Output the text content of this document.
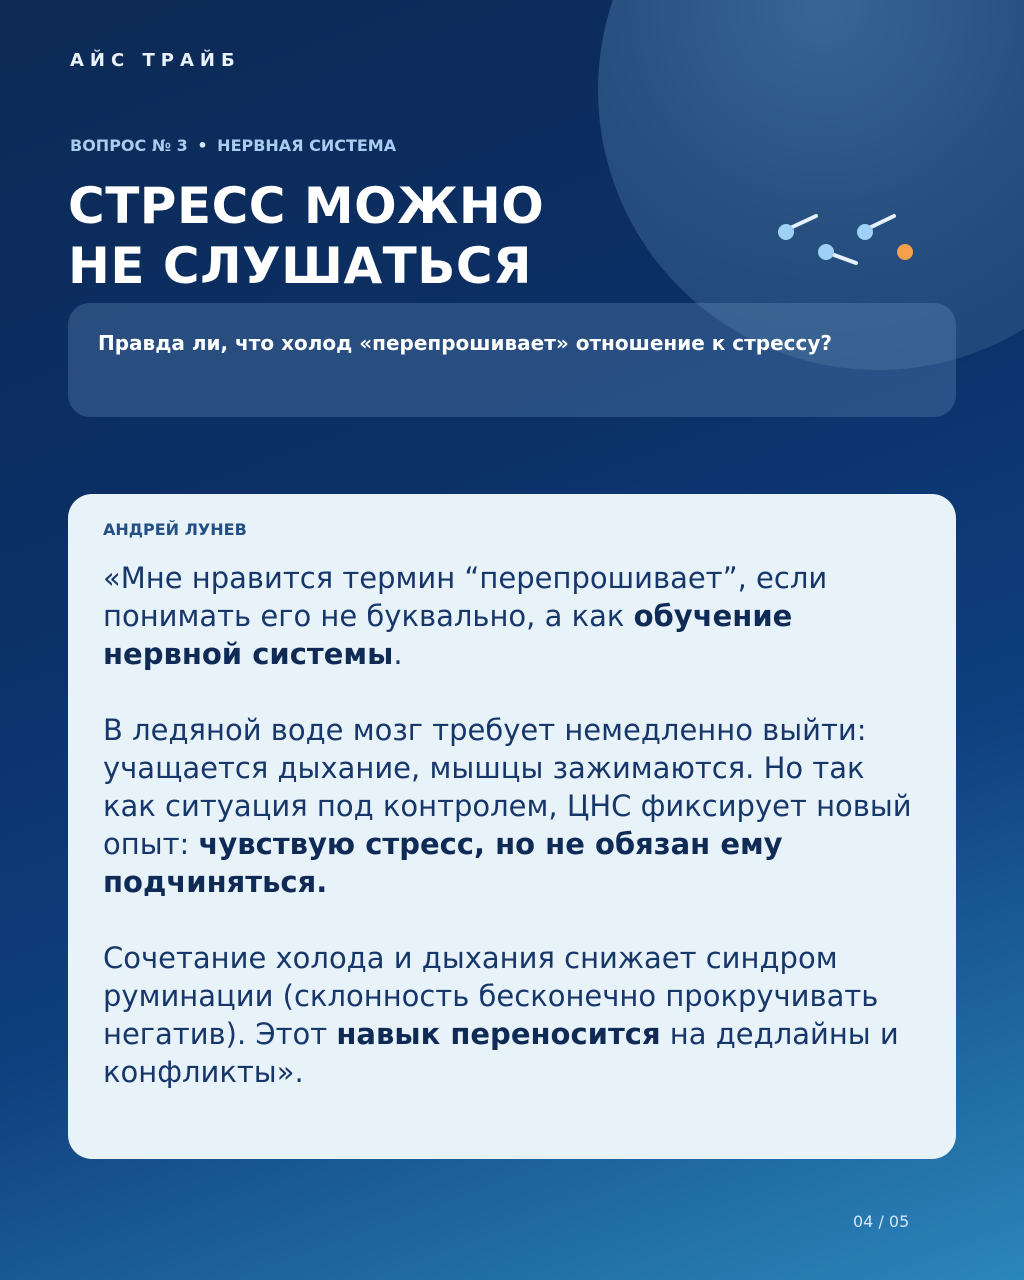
АЙС ТРАЙБ
ВОПРОС № 3 • НЕРВНАЯ СИСТЕМА
СТРЕСС МОЖНО
НЕ СЛУШАТЬСЯ
Правда ли, что холод «перепрошивает» отношение к стрессу?
АНДРЕЙ ЛУНЕВ

«Мне нравится термин “перепрошивает”, если понимать его не буквально, а как обучение нервной системы.

В ледяной воде мозг требует немедленно выйти: учащается дыхание, мышцы зажимаются. Но так как ситуация под контролем, ЦНС фиксирует новый опыт: чувствую стресс, но не обязан ему подчиняться.

Сочетание холода и дыхания снижает синдром руминации (склонность бесконечно прокручивать негатив). Этот навык переносится на дедлайны и конфликты».

04 / 05
